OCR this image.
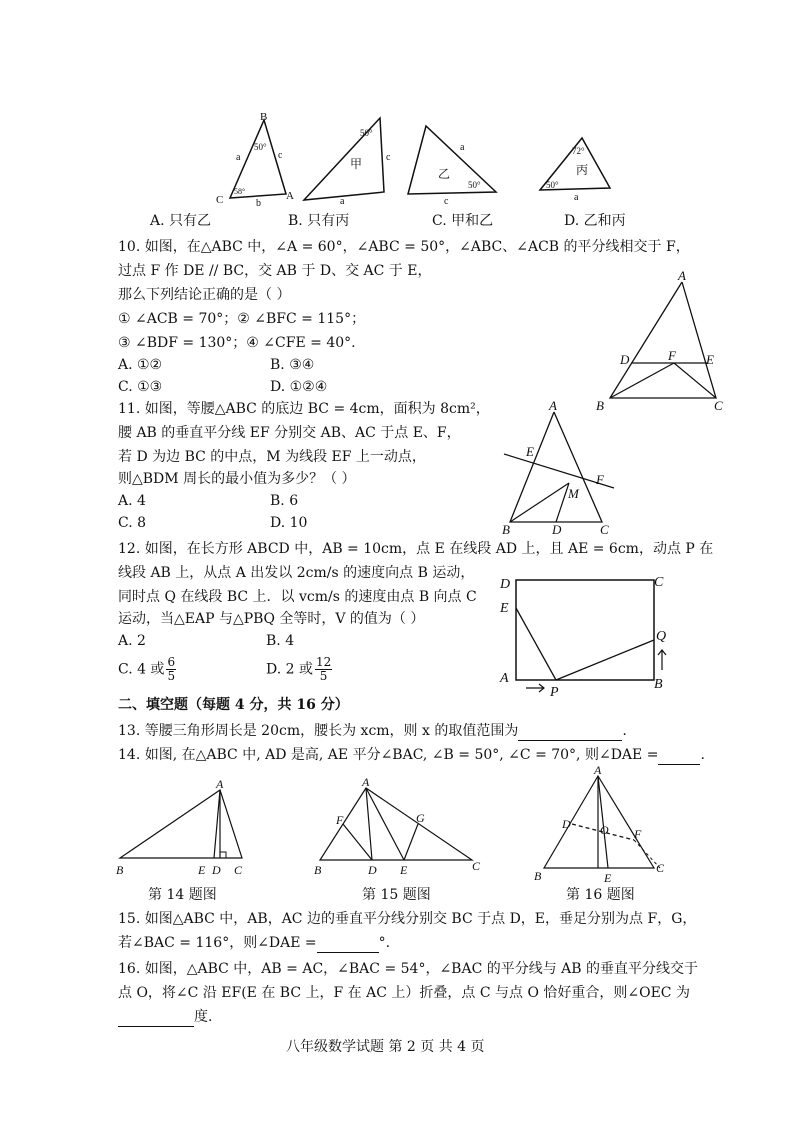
B
C	A
a	c
b
50°
58°
甲
50°
c
a
乙
50°
a
c
丙
72°
50°
a
A. 只有乙	B. 只有丙	C. 甲和乙	D. 乙和丙
10. 如图，在△ABC 中，∠A = 60°，∠ABC = 50°，∠ABC、∠ACB 的平分线相交于 F，
过点 F 作 DE // BC，交 AB 于 D、交 AC 于 E，
那么下列结论正确的是（ ）
① ∠ACB = 70°；② ∠BFC = 115°；
③ ∠BDF = 130°；④ ∠CFE = 40°.
A. ①②	B. ③④
C. ①③	D. ①②④
A
D	F E
B	C
11. 如图，等腰△ABC 的底边 BC = 4cm，面积为 8cm²，
腰 AB 的垂直平分线 EF 分别交 AB、AC 于点 E、F，
若 D 为边 BC 的中点，M 为线段 EF 上一动点，
则△BDM 周长的最小值为多少？（ ）
A. 4	B. 6
C. 8	D. 10
A
E
F
M
B	D	C
12. 如图，在长方形 ABCD 中，AB = 10cm，点 E 在线段 AD 上，且 AE = 6cm，动点 P 在
线段 AB 上，从点 A 出发以 2cm/s 的速度向点 B 运动，
同时点 Q 在线段 BC 上．以 vcm/s 的速度由点 B 向点 C
运动，当△EAP 与△PBQ 全等时，V 的值为（ ）
A. 2	B. 4
C. 4 或 $\frac{6}{5}$	D. 2 或 $\frac{12}{5}$
D	C
E
Q
A	B
P
二、填空题（每题 4 分，共 16 分）
13. 等腰三角形周长是 20cm，腰长为 xcm，则 x 的取值范围为	.
14. 如图, 在△ABC 中, AD 是高, AE 平分∠BAC, ∠B = 50°, ∠C = 70°, 则∠DAE =	.
A
B	E D C
A
F	G
B	D E	C
A
D O F
C
B	E
第 14 题图	第 15 题图	第 16 题图
15. 如图△ABC 中，AB，AC 边的垂直平分线分别交 BC 于点 D，E，垂足分别为点 F，G，
若∠BAC = 116°，则∠DAE =	°.
16. 如图，△ABC 中，AB = AC，∠BAC = 54°，∠BAC 的平分线与 AB 的垂直平分线交于
点 O，将∠C 沿 EF(E 在 BC 上，F 在 AC 上）折叠，点 C 与点 O 恰好重合，则∠OEC 为
度.
八年级数学试题 第 2 页 共 4 页
